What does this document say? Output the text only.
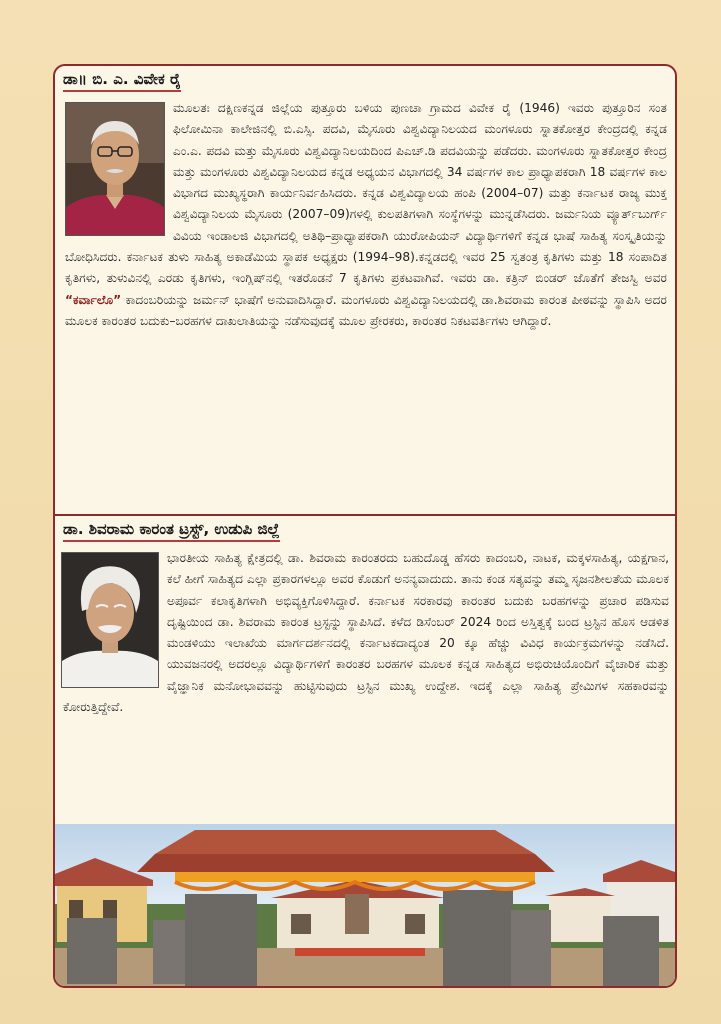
ಡಾ॥ ಬಿ. ಎ. ವಿವೇಕ ರೈ
ಮೂಲತಃ ದಕ್ಷಿಣಕನ್ನಡ ಜಿಲ್ಲೆಯ ಪುತ್ತೂರು ಬಳಿಯ ಪುಣಚಾ ಗ್ರಾಮದ ವಿವೇಕ ರೈ (1946) ಇವರು ಪುತ್ತೂರಿನ ಸಂತ ಫಿಲೋಮಿನಾ ಕಾಲೇಜಿನಲ್ಲಿ ಬಿ.ಎಸ್ಸಿ. ಪದವಿ, ಮೈಸೂರು ವಿಶ್ವವಿದ್ಯಾನಿಲಯದ ಮಂಗಳೂರು ಸ್ನಾತಕೋತ್ತರ ಕೇಂದ್ರದಲ್ಲಿ ಕನ್ನಡ ಎಂ.ಎ. ಪದವಿ ಮತ್ತು ಮೈಸೂರು ವಿಶ್ವವಿದ್ಯಾನಿಲಯದಿಂದ ಪಿಎಚ್.ಡಿ ಪದವಿಯನ್ನು ಪಡೆದರು. ಮಂಗಳೂರು ಸ್ನಾತಕೋತ್ತರ ಕೇಂದ್ರ ಮತ್ತು ಮಂಗಳೂರು ವಿಶ್ವವಿದ್ಯಾನಿಲಯದ ಕನ್ನಡ ಅಧ್ಯಯನ ವಿಭಾಗದಲ್ಲಿ 34 ವರ್ಷಗಳ ಕಾಲ ಪ್ರಾಧ್ಯಾಪಕರಾಗಿ 18 ವರ್ಷಗಳ ಕಾಲ ವಿಭಾಗದ ಮುಖ್ಯಸ್ಥರಾಗಿ ಕಾರ್ಯನಿರ್ವಹಿಸಿದರು. ಕನ್ನಡ ವಿಶ್ವವಿದ್ಯಾಲಯ ಹಂಪಿ (2004–07) ಮತ್ತು ಕರ್ನಾಟಕ ರಾಜ್ಯ ಮುಕ್ತ ವಿಶ್ವವಿದ್ಯಾನಿಲಯ ಮೈಸೂರು (2007–09)ಗಳಲ್ಲಿ ಕುಲಪತಿಗಳಾಗಿ ಸಂಸ್ಥೆಗಳನ್ನು ಮುನ್ನಡೆಸಿದರು. ಜರ್ಮನಿಯ ವ್ಯೂರ್ತ್‌ಬುರ್ಗ್ ವಿವಿಯ ಇಂಡಾಲಜಿ ವಿಭಾಗದಲ್ಲಿ ಅತಿಥಿ–ಪ್ರಾಧ್ಯಾಪಕರಾಗಿ ಯುರೋಪಿಯನ್ ವಿದ್ಯಾರ್ಥಿಗಳಿಗೆ ಕನ್ನಡ ಭಾಷೆ ಸಾಹಿತ್ಯ ಸಂಸ್ಕೃತಿಯನ್ನು ಬೋಧಿಸಿದರು. ಕರ್ನಾಟಕ ತುಳು ಸಾಹಿತ್ಯ ಅಕಾಡೆಮಿಯ ಸ್ಥಾಪಕ ಅಧ್ಯಕ್ಷರು (1994–98).ಕನ್ನಡದಲ್ಲಿ ಇವರ 25 ಸ್ವತಂತ್ರ ಕೃತಿಗಳು ಮತ್ತು 18 ಸಂಪಾದಿತ ಕೃತಿಗಳು, ತುಳುವಿನಲ್ಲಿ ಎರಡು ಕೃತಿಗಳು, ಇಂಗ್ಲಿಷ್‌ನಲ್ಲಿ ಇತರೊಡನೆ 7 ಕೃತಿಗಳು ಪ್ರಕಟವಾಗಿವೆ. ಇವರು ಡಾ. ಕತ್ರಿನ್ ಬಿಂಡರ್ ಜೊತೆಗೆ ತೇಜಸ್ವಿ ಅವರ “ಕರ್ವಾಲೊ” ಕಾದಂಬರಿಯನ್ನು ಜರ್ಮನ್ ಭಾಷೆಗೆ ಅನುವಾದಿಸಿದ್ದಾರೆ. ಮಂಗಳೂರು ವಿಶ್ವವಿದ್ಯಾನಿಲಯದಲ್ಲಿ ಡಾ.ಶಿವರಾಮ ಕಾರಂತ ಪೀಠವನ್ನು ಸ್ಥಾಪಿಸಿ ಅದರ ಮೂಲಕ ಕಾರಂತರ ಬದುಕು–ಬರಹಗಳ ದಾಖಲಾತಿಯನ್ನು ನಡೆಸುವುದಕ್ಕೆ ಮೂಲ ಪ್ರೇರಕರು, ಕಾರಂತರ ನಿಕಟವರ್ತಿಗಳು ಆಗಿದ್ದಾರೆ.
ಡಾ. ಶಿವರಾಮ ಕಾರಂತ ಟ್ರಸ್ಟ್, ಉಡುಪಿ ಜಿಲ್ಲೆ
ಭಾರತೀಯ ಸಾಹಿತ್ಯ ಕ್ಷೇತ್ರದಲ್ಲಿ ಡಾ. ಶಿವರಾಮ ಕಾರಂತರದು ಬಹುದೊಡ್ಡ ಹೆಸರು ಕಾದಂಬರಿ, ನಾಟಕ, ಮಕ್ಕಳಸಾಹಿತ್ಯ, ಯಕ್ಷಗಾನ, ಕಲೆ ಹೀಗೆ ಸಾಹಿತ್ಯದ ಎಲ್ಲಾ ಪ್ರಕಾರಗಳಲ್ಲೂ ಅವರ ಕೊಡುಗೆ ಅನನ್ಯವಾದುದು. ತಾನು ಕಂಡ ಸತ್ಯವನ್ನು ತಮ್ಮ ಸೃಜನಶೀಲತೆಯ ಮೂಲಕ ಅಪೂರ್ವ ಕಲಾಕೃತಿಗಳಾಗಿ ಅಭಿವ್ಯಕ್ತಿಗೊಳಿಸಿದ್ದಾರೆ. ಕರ್ನಾಟಕ ಸರಕಾರವು ಕಾರಂತರ ಬದುಕು ಬರಹಗಳನ್ನು ಪ್ರಚಾರ ಪಡಿಸುವ ದೃಷ್ಟಿಯಿಂದ ಡಾ. ಶಿವರಾಮ ಕಾರಂತ ಟ್ರಸ್ಟನ್ನು ಸ್ಥಾಪಿಸಿದೆ. ಕಳೆದ ಡಿಸೆಂಬರ್ 2024 ರಿಂದ ಅಸ್ತಿತ್ವಕ್ಕೆ ಬಂದ ಟ್ರಸ್ಟಿನ ಹೊಸ ಆಡಳಿತ ಮಂಡಳಿಯು ಇಲಾಖೆಯ ಮಾರ್ಗದರ್ಶನದಲ್ಲಿ ಕರ್ನಾಟಕದಾದ್ಯಂತ 20 ಕ್ಕೂ ಹೆಚ್ಚು ವಿವಿಧ ಕಾರ್ಯಕ್ರಮಗಳನ್ನು ನಡೆಸಿದೆ. ಯುವಜನರಲ್ಲಿ ಅದರಲ್ಲೂ ವಿದ್ಯಾರ್ಥಿಗಳಿಗೆ ಕಾರಂತರ ಬರಹಗಳ ಮೂಲಕ ಕನ್ನಡ ಸಾಹಿತ್ಯದ ಅಭಿರುಚಿಯೊಂದಿಗೆ ವೈಚಾರಿಕ ಮತ್ತು ವೈಜ್ಞಾನಿಕ ಮನೋಭಾವವನ್ನು ಹುಟ್ಟಿಸುವುದು ಟ್ರಸ್ಟಿನ ಮುಖ್ಯ ಉದ್ದೇಶ. ಇದಕ್ಕೆ ಎಲ್ಲಾ ಸಾಹಿತ್ಯ ಪ್ರೇಮಿಗಳ ಸಹಕಾರವನ್ನು ಕೋರುತ್ತಿದ್ದೇವೆ.
